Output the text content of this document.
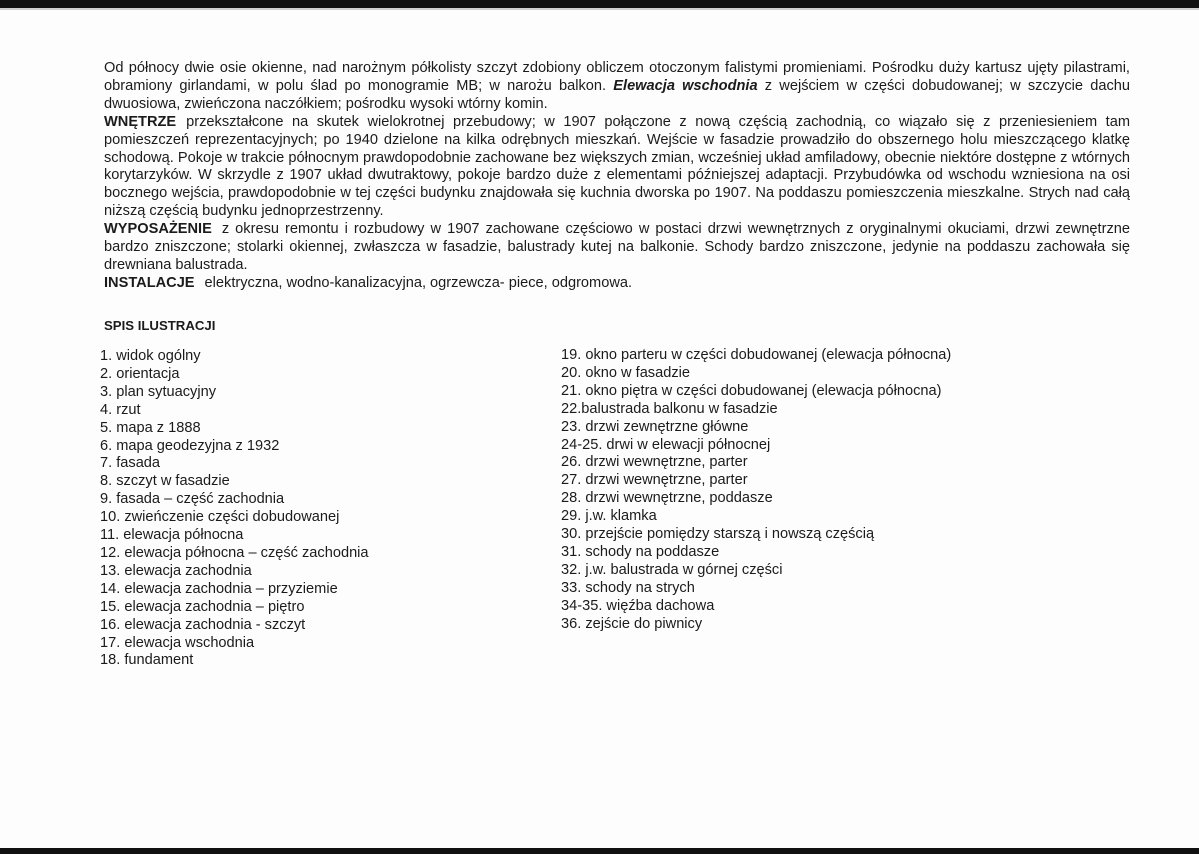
Od północy dwie osie okienne, nad narożnym półkolisty szczyt zdobiony obliczem otoczonym falistymi promieniami. Pośrodku duży kartusz ujęty pilastrami, obramiony girlandami, w polu ślad po monogramie MB; w narożu balkon. Elewacja wschodnia z wejściem w części dobudowanej; w szczycie dachu dwuosiowa, zwieńczona naczółkiem; pośrodku wysoki wtórny komin.
WNĘTRZE przekształcone na skutek wielokrotnej przebudowy; w 1907 połączone z nową częścią zachodnią, co wiązało się z przeniesieniem tam pomieszczeń reprezentacyjnych; po 1940 dzielone na kilka odrębnych mieszkań. Wejście w fasadzie prowadziło do obszernego holu mieszczącego klatkę schodową. Pokoje w trakcie północnym prawdopodobnie zachowane bez większych zmian, wcześniej układ amfiladowy, obecnie niektóre dostępne z wtórnych korytarzyków. W skrzydle z 1907 układ dwutraktowy, pokoje bardzo duże z elementami późniejszej adaptacji. Przybudówka od wschodu wzniesiona na osi bocznego wejścia, prawdopodobnie w tej części budynku znajdowała się kuchnia dworska po 1907. Na poddaszu pomieszczenia mieszkalne. Strych nad całą niższą częścią budynku jednoprzestrzenny.
WYPOSAŻENIE z okresu remontu i rozbudowy w 1907 zachowane częściowo w postaci drzwi wewnętrznych z oryginalnymi okuciami, drzwi zewnętrzne bardzo zniszczone; stolarki okiennej, zwłaszcza w fasadzie, balustrady kutej na balkonie. Schody bardzo zniszczone, jedynie na poddaszu zachowała się drewniana balustrada.
INSTALACJE elektryczna, wodno-kanalizacyjna, ogrzewcza- piece, odgromowa.

SPIS ILUSTRACJI

1. widok ogólny
2. orientacja
3. plan sytuacyjny
4. rzut
5. mapa z 1888
6. mapa geodezyjna z 1932
7. fasada
8. szczyt w fasadzie
9. fasada – część zachodnia
10. zwieńczenie części dobudowanej
11. elewacja północna
12. elewacja północna – część zachodnia
13. elewacja zachodnia
14. elewacja zachodnia – przyziemie
15. elewacja zachodnia – piętro
16. elewacja zachodnia - szczyt
17. elewacja wschodnia
18. fundament
19. okno parteru w części dobudowanej (elewacja północna)
20. okno w fasadzie
21. okno piętra w części dobudowanej (elewacja północna)
22.balustrada balkonu w fasadzie
23. drzwi zewnętrzne główne
24-25. drwi w elewacji północnej
26. drzwi wewnętrzne, parter
27. drzwi wewnętrzne, parter
28. drzwi wewnętrzne, poddasze
29. j.w. klamka
30. przejście pomiędzy starszą i nowszą częścią
31. schody na poddasze
32. j.w. balustrada w górnej części
33. schody na strych
34-35. więźba dachowa
36. zejście do piwnicy
